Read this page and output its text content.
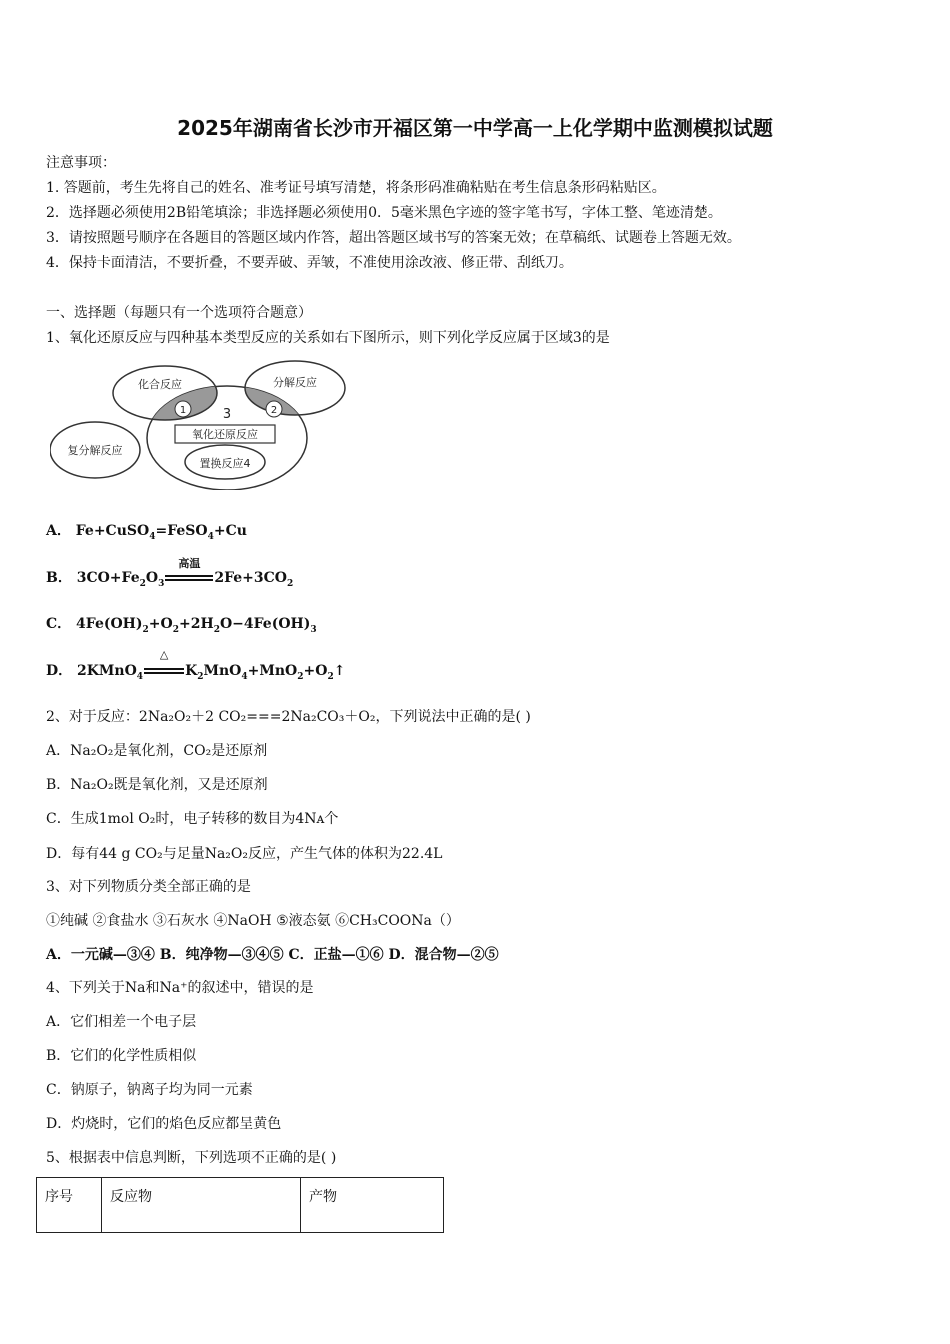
2025年湖南省长沙市开福区第一中学高一上化学期中监测模拟试题
注意事项：
1. 答题前，考生先将自己的姓名、准考证号填写清楚，将条形码准确粘贴在考生信息条形码粘贴区。
2．选择题必须使用2B铅笔填涂；非选择题必须使用0．5毫米黑色字迹的签字笔书写，字体工整、笔迹清楚。
3．请按照题号顺序在各题目的答题区域内作答，超出答题区域书写的答案无效；在草稿纸、试题卷上答题无效。
4．保持卡面清洁，不要折叠，不要弄破、弄皱，不准使用涂改液、修正带、刮纸刀。
一、选择题（每题只有一个选项符合题意）
1、氧化还原反应与四种基本类型反应的关系如右下图所示，则下列化学反应属于区域3的是
化合反应	分解反应
复分解反应
氧化还原反应
置换反应4
1	2
3
A． Fe+CuSO$_4$=FeSO$_4$+Cu
B． $3CO+Fe_2O_3$
高温
$2Fe+3CO_2$
C． $4Fe(OH)_2+O_2+2H_2O-4Fe(OH)_3$
D． 2KMnO$_4$
△
$K_2MnO_4+MnO_2+O_2↑$
2、对于反应：2Na₂O₂＋2 CO₂===2Na₂CO₃＋O₂，下列说法中正确的是( )
A．Na₂O₂是氧化剂，CO₂是还原剂
B．Na₂O₂既是氧化剂，又是还原剂
C．生成1mol O₂时，电子转移的数目为4Nᴀ个
D．每有44 g CO₂与足量Na₂O₂反应，产生气体的体积为22.4L
3、对下列物质分类全部正确的是
①纯碱 ②食盐水 ③石灰水 ④NaOH ⑤液态氨 ⑥CH₃COONa（）
A．一元碱—③④ B．纯净物—③④⑤ C．正盐—①⑥ D．混合物—②⑤
4、下列关于Na和Na⁺的叙述中，错误的是
A．它们相差一个电子层
B．它们的化学性质相似
C．钠原子，钠离子均为同一元素
D．灼烧时，它们的焰色反应都呈黄色
5、根据表中信息判断，下列选项不正确的是( )
序号	反应物	产物
